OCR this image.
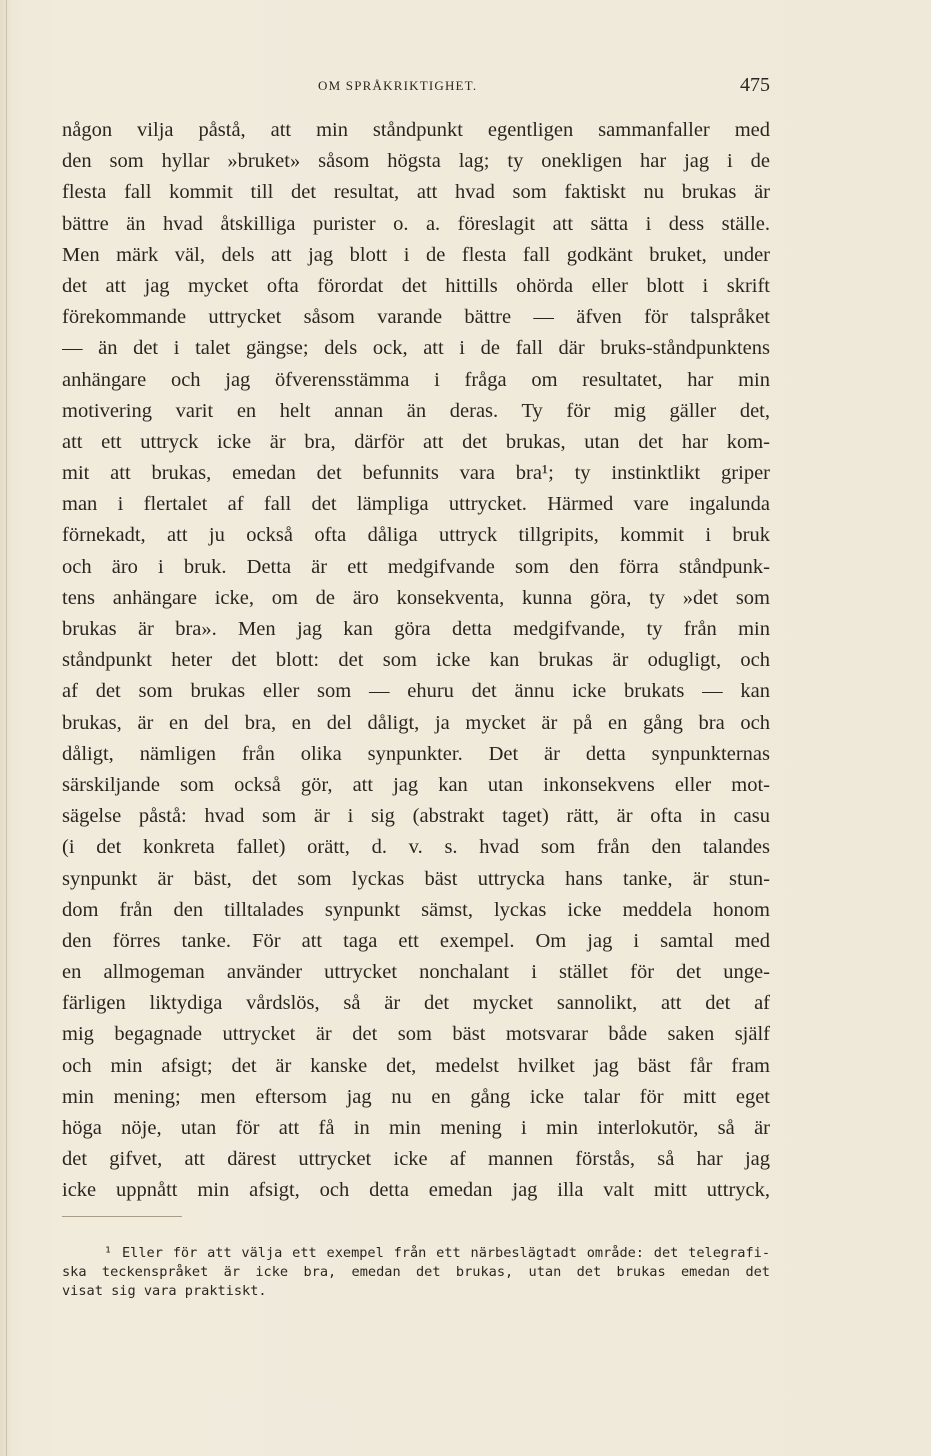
OM SPRÅKRIKTIGHET.	475
någon vilja påstå, att min ståndpunkt egentligen sammanfaller med
den som hyllar »bruket» såsom högsta lag; ty onekligen har jag i de
flesta fall kommit till det resultat, att hvad som faktiskt nu brukas är
bättre än hvad åtskilliga purister o. a. föreslagit att sätta i dess ställe.
Men märk väl, dels att jag blott i de flesta fall godkänt bruket, under
det att jag mycket ofta förordat det hittills ohörda eller blott i skrift
förekommande uttrycket såsom varande bättre — äfven för talspråket
— än det i talet gängse; dels ock, att i de fall där bruks-ståndpunktens
anhängare och jag öfverensstämma i fråga om resultatet, har min
motivering varit en helt annan än deras. Ty för mig gäller det,
att ett uttryck icke är bra, därför att det brukas, utan det har kom-
mit att brukas, emedan det befunnits vara bra¹; ty instinktlikt griper
man i flertalet af fall det lämpliga uttrycket. Härmed vare ingalunda
förnekadt, att ju också ofta dåliga uttryck tillgripits, kommit i bruk
och äro i bruk. Detta är ett medgifvande som den förra ståndpunk-
tens anhängare icke, om de äro konsekventa, kunna göra, ty »det som
brukas är bra». Men jag kan göra detta medgifvande, ty från min
ståndpunkt heter det blott: det som icke kan brukas är odugligt, och
af det som brukas eller som — ehuru det ännu icke brukats — kan
brukas, är en del bra, en del dåligt, ja mycket är på en gång bra och
dåligt, nämligen från olika synpunkter. Det är detta synpunkternas
särskiljande som också gör, att jag kan utan inkonsekvens eller mot-
sägelse påstå: hvad som är i sig (abstrakt taget) rätt, är ofta in casu
(i det konkreta fallet) orätt, d. v. s. hvad som från den talandes
synpunkt är bäst, det som lyckas bäst uttrycka hans tanke, är stun-
dom från den tilltalades synpunkt sämst, lyckas icke meddela honom
den förres tanke. För att taga ett exempel. Om jag i samtal med
en allmogeman använder uttrycket nonchalant i stället för det unge-
färligen liktydiga vårdslös, så är det mycket sannolikt, att det af
mig begagnade uttrycket är det som bäst motsvarar både saken själf
och min afsigt; det är kanske det, medelst hvilket jag bäst får fram
min mening; men eftersom jag nu en gång icke talar för mitt eget
höga nöje, utan för att få in min mening i min interlokutör, så är
det gifvet, att därest uttrycket icke af mannen förstås, så har jag
icke uppnått min afsigt, och detta emedan jag illa valt mitt uttryck,
¹ Eller för att välja ett exempel från ett närbeslägtadt område: det telegrafi-
ska teckenspråket är icke bra, emedan det brukas, utan det brukas emedan det
visat sig vara praktiskt.
